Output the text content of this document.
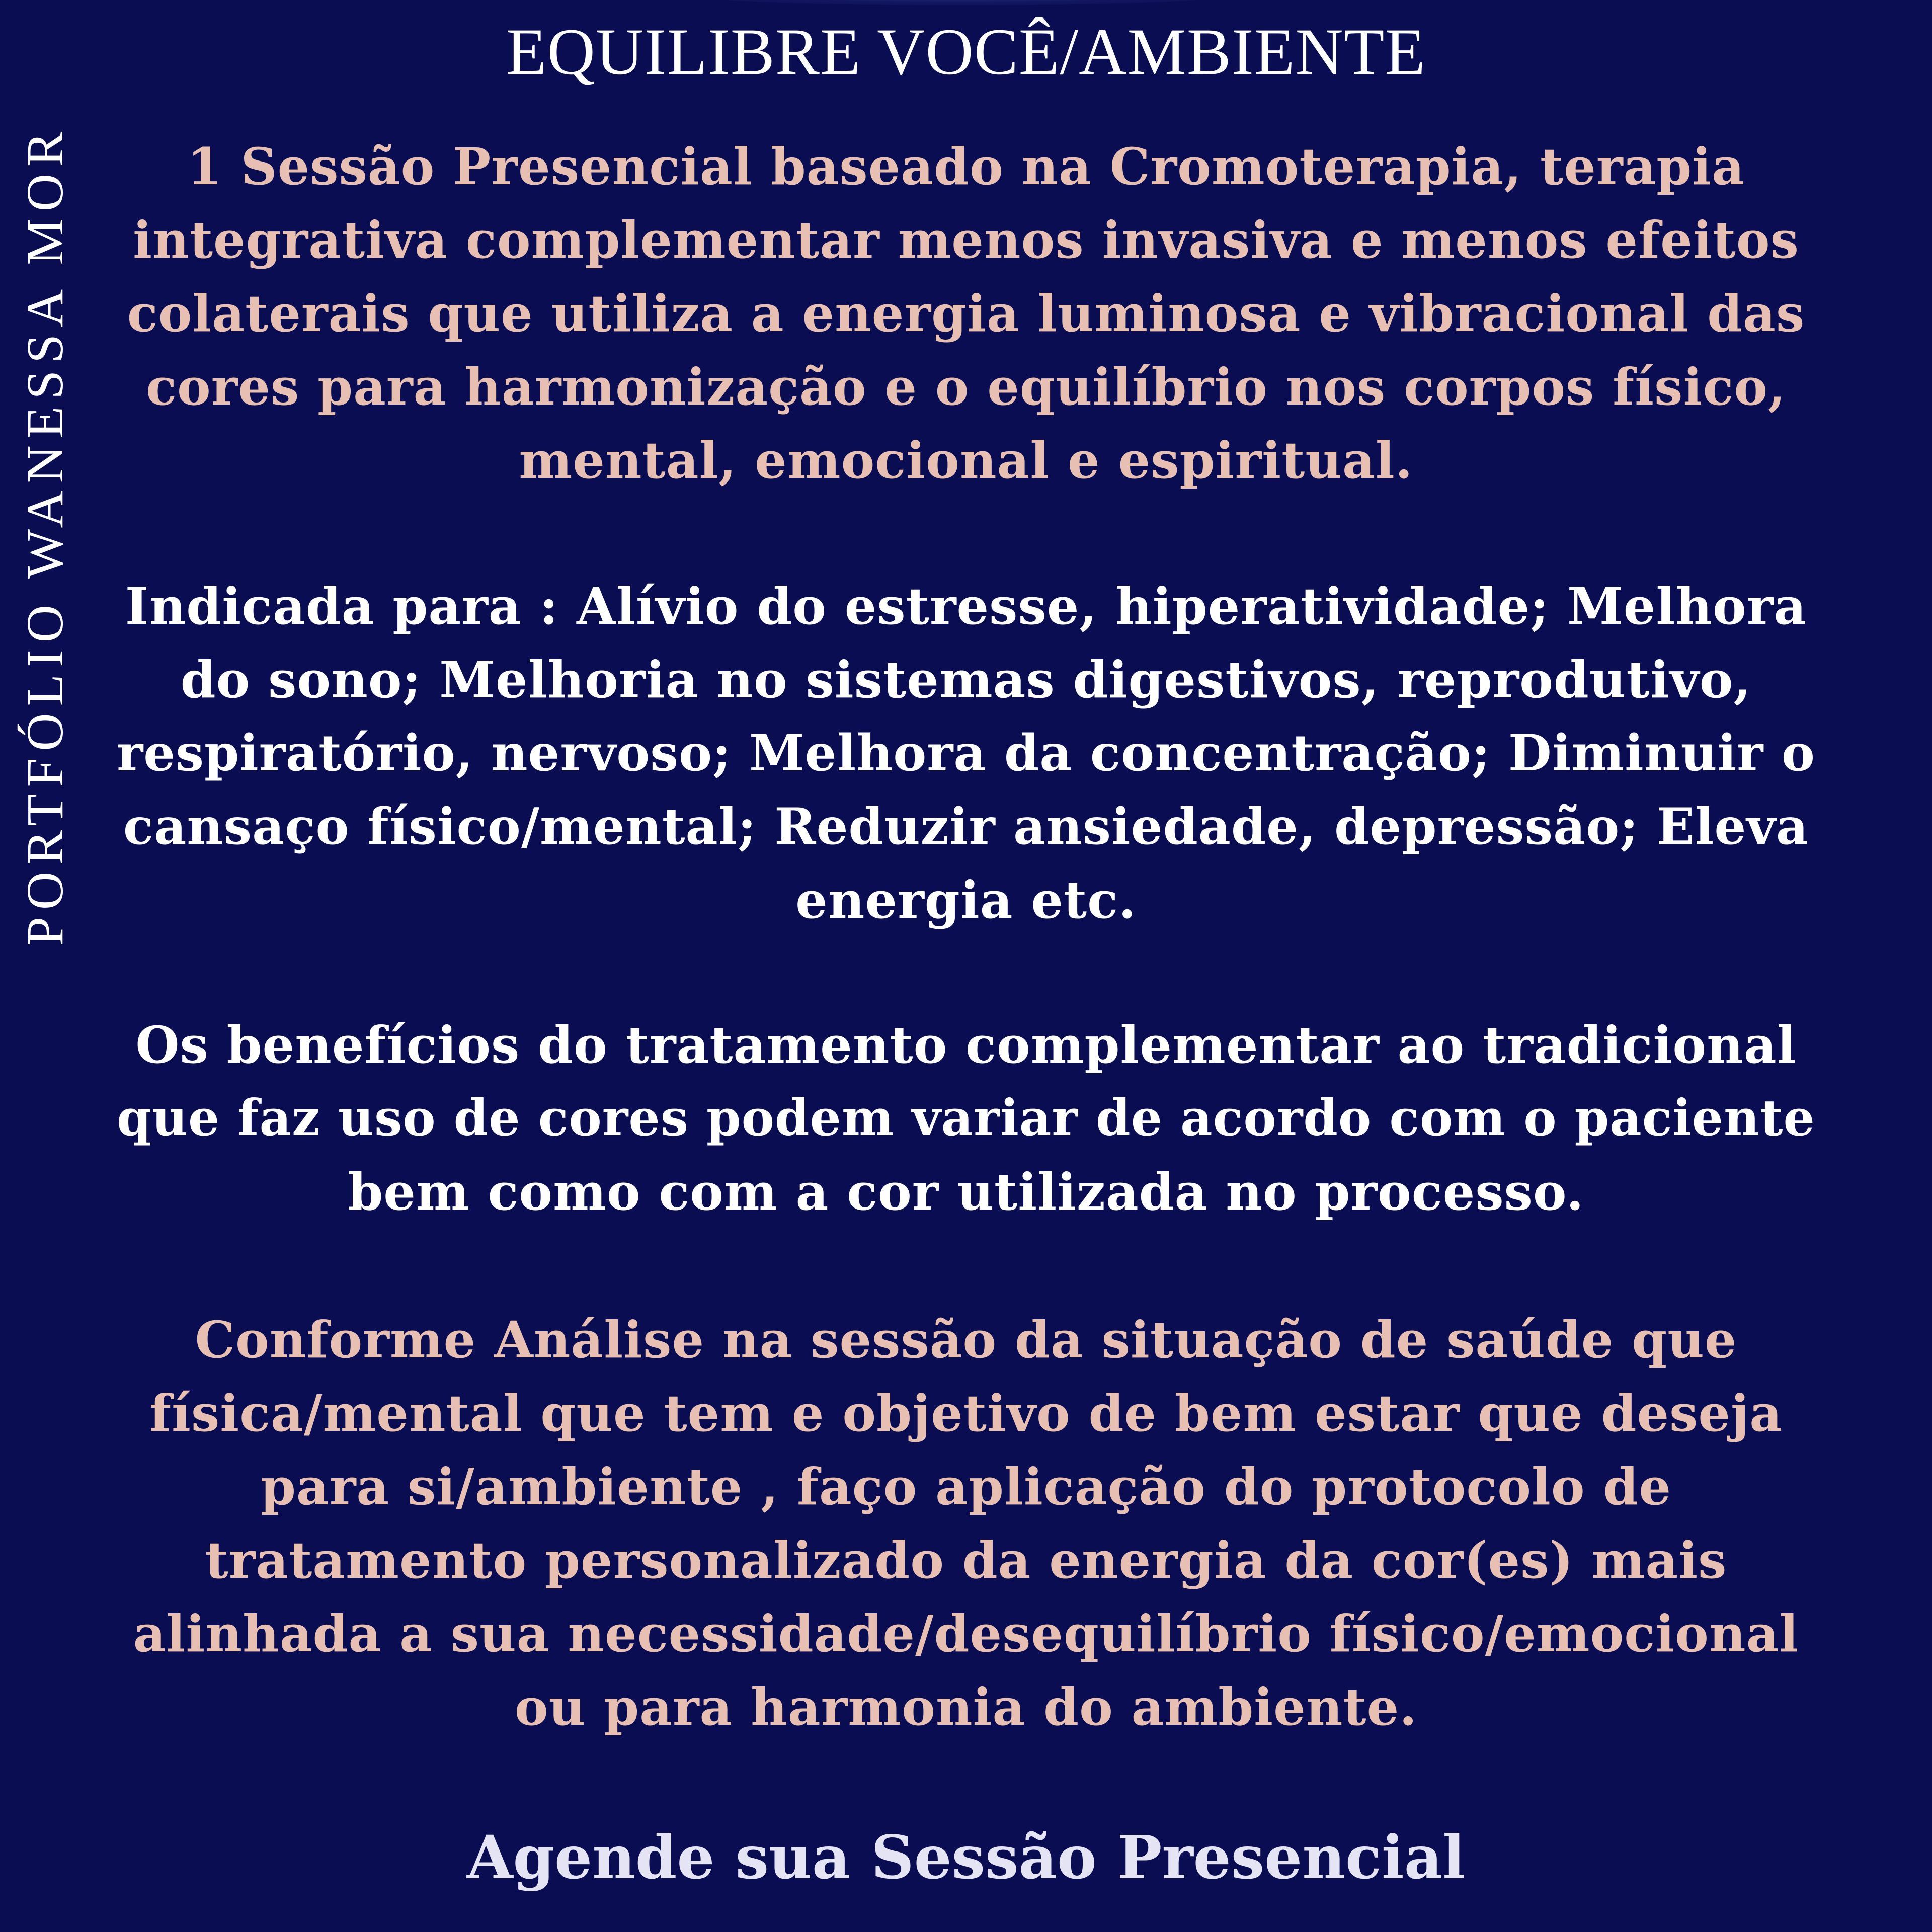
PORTFÓLIO WANESSA MOR
EQUILIBRE VOCÊ/AMBIENTE
1 Sessão Presencial baseado na Cromoterapia, terapia
integrativa complementar menos invasiva e menos efeitos
colaterais que utiliza a energia luminosa e vibracional das
cores para harmonização e o equilíbrio nos corpos físico,
mental, emocional e espiritual.
Indicada para : Alívio do estresse, hiperatividade; Melhora
do sono; Melhoria no sistemas digestivos, reprodutivo,
respiratório, nervoso; Melhora da concentração; Diminuir o
cansaço físico/mental; Reduzir ansiedade, depressão; Eleva
energia etc.
Os benefícios do tratamento complementar ao tradicional
que faz uso de cores podem variar de acordo com o paciente
bem como com a cor utilizada no processo.
Conforme Análise na sessão da situação de saúde que
física/mental que tem e objetivo de bem estar que deseja
para si/ambiente , faço aplicação do protocolo de
tratamento personalizado da energia da cor(es) mais
alinhada a sua necessidade/desequilíbrio físico/emocional
ou para harmonia do ambiente.
Agende sua Sessão Presencial
